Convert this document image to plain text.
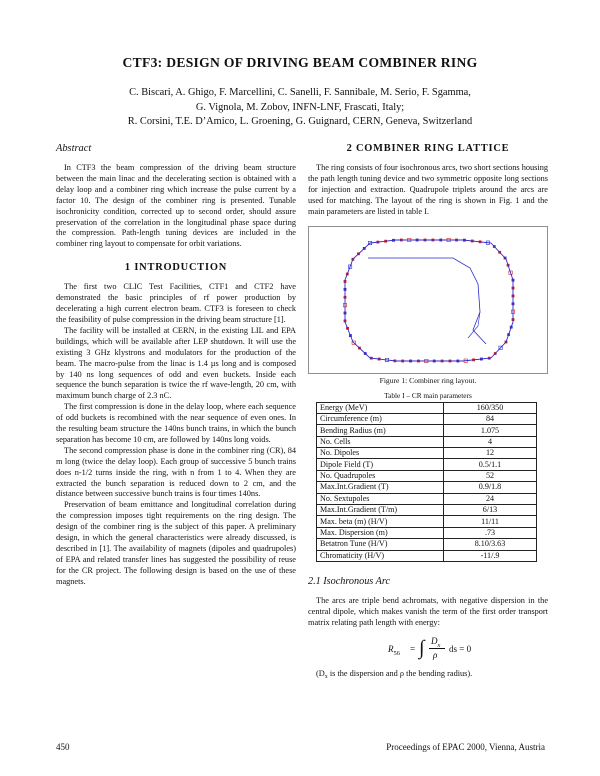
CTF3: DESIGN OF DRIVING BEAM COMBINER RING
C. Biscari, A. Ghigo, F. Marcellini, C. Sanelli, F. Sannibale, M. Serio, F. Sgamma,
G. Vignola, M. Zobov, INFN-LNF, Frascati, Italy;
R. Corsini, T.E. D’Amico, L. Groening, G. Guignard, CERN, Geneva, Switzerland
Abstract
In CTF3 the beam compression of the driving beam structure between the main linac and the decelerating section is obtained with a delay loop and a combiner ring which increase the pulse current by a factor 10. The design of the combiner ring is presented. Tunable isochronicity condition, corrected up to second order, should assure preservation of the correlation in the longitudinal phase space during the compression. Path-length tuning devices are included in the combiner ring layout to compensate for orbit variations.
1 INTRODUCTION
The first two CLIC Test Facilities, CTF1 and CTF2 have demonstrated the basic principles of rf power production by decelerating a high current electron beam. CTF3 is foreseen to check the feasibility of pulse compression in the driving beam structure [1].
The facility will be installed at CERN, in the existing LIL and EPA buildings, which will be available after LEP shutdown. It will use the existing 3 GHz klystrons and modulators for the production of the beam. The macro-pulse from the linac is 1.4 µs long and is composed by 140 ns long sequences of odd and even buckets. Inside each sequence the bunch separation is twice the rf wave-length, 20 cm, with maximum bunch charge of 2.3 nC.
The first compression is done in the delay loop, where each sequence of odd buckets is recombined with the near sequence of even ones. In the resulting beam structure the 140ns bunch trains, in which the bunch separation has become 10 cm, are followed by 140ns long voids.
The second compression phase is done in the combiner ring (CR), 84 m long (twice the delay loop). Each group of successive 5 bunch trains does n-1/2 turns inside the ring, with n from 1 to 4. When they are extracted the bunch separation is reduced down to 2 cm, and the distance between successive bunch trains is four times 140ns.
Preservation of beam emittance and longitudinal correlation during the compression imposes tight requirements on the ring design. The design of the combiner ring is the subject of this paper. A preliminary design, in which the general characteristics were already discussed, is described in [1]. The availability of magnets (dipoles and quadrupoles) of EPA and related transfer lines has suggested the possibility of reuse for the CR project. The following design is based on the use of these magnets.
2 COMBINER RING LATTICE
The ring consists of four isochronous arcs, two short sections housing the path length tuning device and two symmetric opposite long sections for injection and extraction. Quadrupole triplets around the arcs are used for matching. The layout of the ring is shown in Fig. 1 and the main parameters are listed in table I.
Figure 1: Combiner ring layout.
Table I – CR main parameters
Energy (MeV)	160/350
Circumference (m)	84
Bending Radius (m)	1.075
No. Cells	4
No. Dipoles	12
Dipole Field (T)	0.5/1.1
No. Quadrupoles	52
Max.Int.Gradient (T)	0.9/1.8
No. Sextupoles	24
Max.Int.Gradient (T/m)	6/13
Max. beta (m) (H/V)	11/11
Max. Dispersion (m)	.73
Betatron Tune (H/V)	8.10/3.63
Chromaticity (H/V)	-11/.9
2.1 Isochronous Arc
The arcs are triple bend achromats, with negative dispersion in the central dipole, which makes vanish the term of the first order transport matrix relating path length with energy:
$R_{56}$ = ∫ $D_x$
ρ
ds = 0
($D_x$ is the dispersion and ρ the bending radius).
450	Proceedings of EPAC 2000, Vienna, Austria
